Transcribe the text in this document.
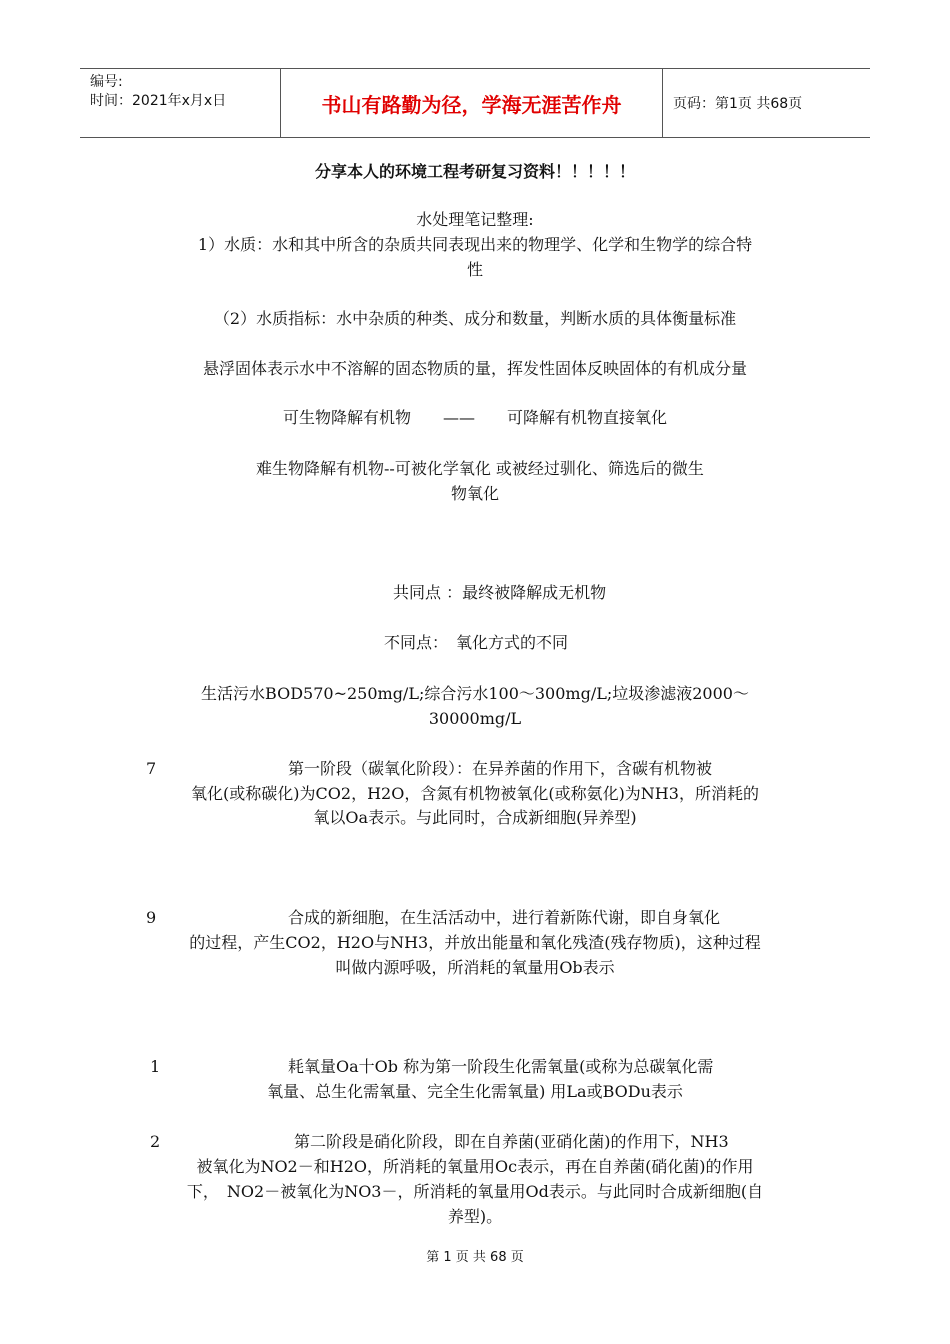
编号:
时间：2021年x月x日	书山有路勤为径，学海无涯苦作舟	页码：第1页 共68页
分享本人的环境工程考研复习资料！！！！！
水处理笔记整理:
1）水质：水和其中所含的杂质共同表现出来的物理学、化学和生物学的综合特
性
（2）水质指标：水中杂质的种类、成分和数量，判断水质的具体衡量标准
悬浮固体表示水中不溶解的固态物质的量，挥发性固体反映固体的有机成分量
可生物降解有机物　　——　　可降解有机物直接氧化
难生物降解有机物--可被化学氧化 或被经过驯化、筛选后的微生
物氧化
共同点 ：最终被降解成无机物
不同点：　氧化方式的不同
生活污水BOD570~250mg/L;综合污水100～300mg/L;垃圾渗滤液2000～
30000mg/L
7	第一阶段（碳氧化阶段）：在异养菌的作用下，含碳有机物被
氧化(或称碳化)为CO2，H2O，含氮有机物被氧化(或称氨化)为NH3，所消耗的
氧以Oa表示。与此同时，合成新细胞(异养型)
9	合成的新细胞，在生活活动中，进行着新陈代谢，即自身氧化
的过程，产生CO2，H2O与NH3，并放出能量和氧化残渣(残存物质)，这种过程
叫做内源呼吸，所消耗的氧量用Ob表示
1	耗氧量Oa十Ob 称为第一阶段生化需氧量(或称为总碳氧化需
氧量、总生化需氧量、完全生化需氧量) 用La或BODu表示
2	第二阶段是硝化阶段，即在自养菌(亚硝化菌)的作用下，NH3
被氧化为NO2－和H2O，所消耗的氧量用Oc表示，再在自养菌(硝化菌)的作用
下，　NO2－被氧化为NO3－，所消耗的氧量用Od表示。与此同时合成新细胞(自
养型)。
第 1 页 共 68 页
